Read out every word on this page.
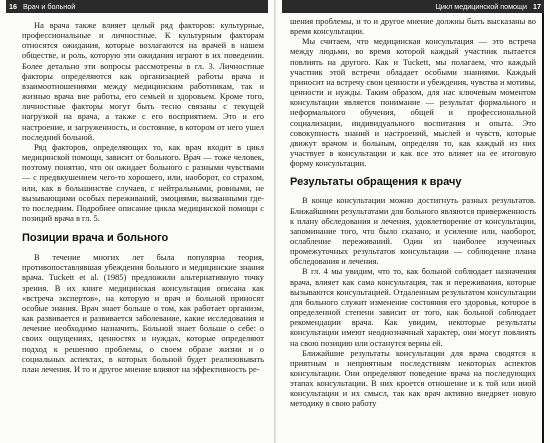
16 Врач и больной

На врача также влияет целый ряд факторов: культурные, профессиональные и личностные. К культурным факторам относятся ожидания, которые возлагаются на врачей в нашем обществе, и роль, которую эти ожидания играют в их поведении. Более детально эти вопросы рассмотрены в гл. 3. Личностные факторы определяются как организацией работы врача и взаимоотношениями между медицинским работникам, так и жизнью врача вне работы, его семьей и здоровьем. Кроме того, личностные факторы могут быть тесно связаны с текущей нагрузкой на врача, а также с его восприятием. Это и его настроение, и загруженность, и состояние, в котором от него ушел последний больной.

Ряд факторов, определяющих то, как врач входит в цикл медицинской помощи, зависит от больного. Врач — тоже человек, поэтому понятно, что он ожидает больного с разными чувствами — с предвкушением чего-то хорошего, или, наоборот, со страхом, или, как в большинстве случаев, с нейтральными, ровными, не вызывающими особых переживаний, эмоциями, вызванными где-то последним. Подробнее описание цикла медицинской помощи с позиций врача в гл. 5.

Позиции врача и больного

В течение многих лет была популярна теория, противопоставлявшая убеждения больного и медицинские знания врача. Tuckett et al. (1985) предложили альтернативную точку зрения. В их книге медицинская консультация описана как «встреча экспертов», на которую и врач и больной приносят особые знания. Врач знает больше о том, как работает организм, как развивается и развивается заболевание, какие исследования и лечение необходимо назначить. Больной знает больше о себе: о своих ощущениях, ценностях и нуждах, которые определяют подход к решению проблемы, о своем образе жизни и о социальных аспектах, в которых больной будет реализовывать план лечения. И то и другое мнение влияют на эффективность ре-

Цикл медицинской помощи 17

шения проблемы, и то и другое мнение должны быть высказаны во время консультации.

Мы считаем, что медицинская консультация — это встреча между людьми, во время которой каждый участник пытается повлиять на другого. Как и Tuckett, мы полагаем, что каждый участник этой встречи обладает особыми знаниями. Каждый приносит на встречу свои ценности и убеждения, чувства и мотивы, ценности и нужды. Таким образом, для нас ключевым моментом консультации является понимание — результат формального и неформального обучения, общей и профессиональной социализации, индивидуального воспитания и опыта. Это совокупность знаний и настроений, мыслей и чувств, которые движут врачом и больным, определяя то, как каждый из них участвует в консультации и как все это влияет на ее итоговую форму консультации.

Результаты обращения к врачу

В конце консультации можно достигнуть разных результатов. Ближайшими результатами для больного являются приверженность к плану обследования и лечения, удовлетворение от консультации, запоминание того, что было сказано, и усиление или, наоборот, ослабление переживаний. Один из наиболее изученных промежуточных результатов консультации — соблюдение плана обследования и лечения.

В гл. 4 мы увидим, что то, как больной соблюдает назначения врача, влияет как сама консультация, так и переживания, которые вызываются консультацией. Отдаленным результатом консультации для больного служит изменение состояния его здоровья, которое в определенной степени зависит от того, как больной соблюдает рекомендации врача. Как увидим, некоторые результаты консультации имеют неоднозначный характер, они могут повлиять на свою позицию или останутся верны ей.

Ближайшие результаты консультации для врача сводятся к приятным и неприятным последствиям некоторых аспектов консультации. Они определяют поведение врача на последующих этапах консультации. В них кроется отношение и к той или иной консультации и их смысл, так как врач активно внедряет новую методику в свою работу
